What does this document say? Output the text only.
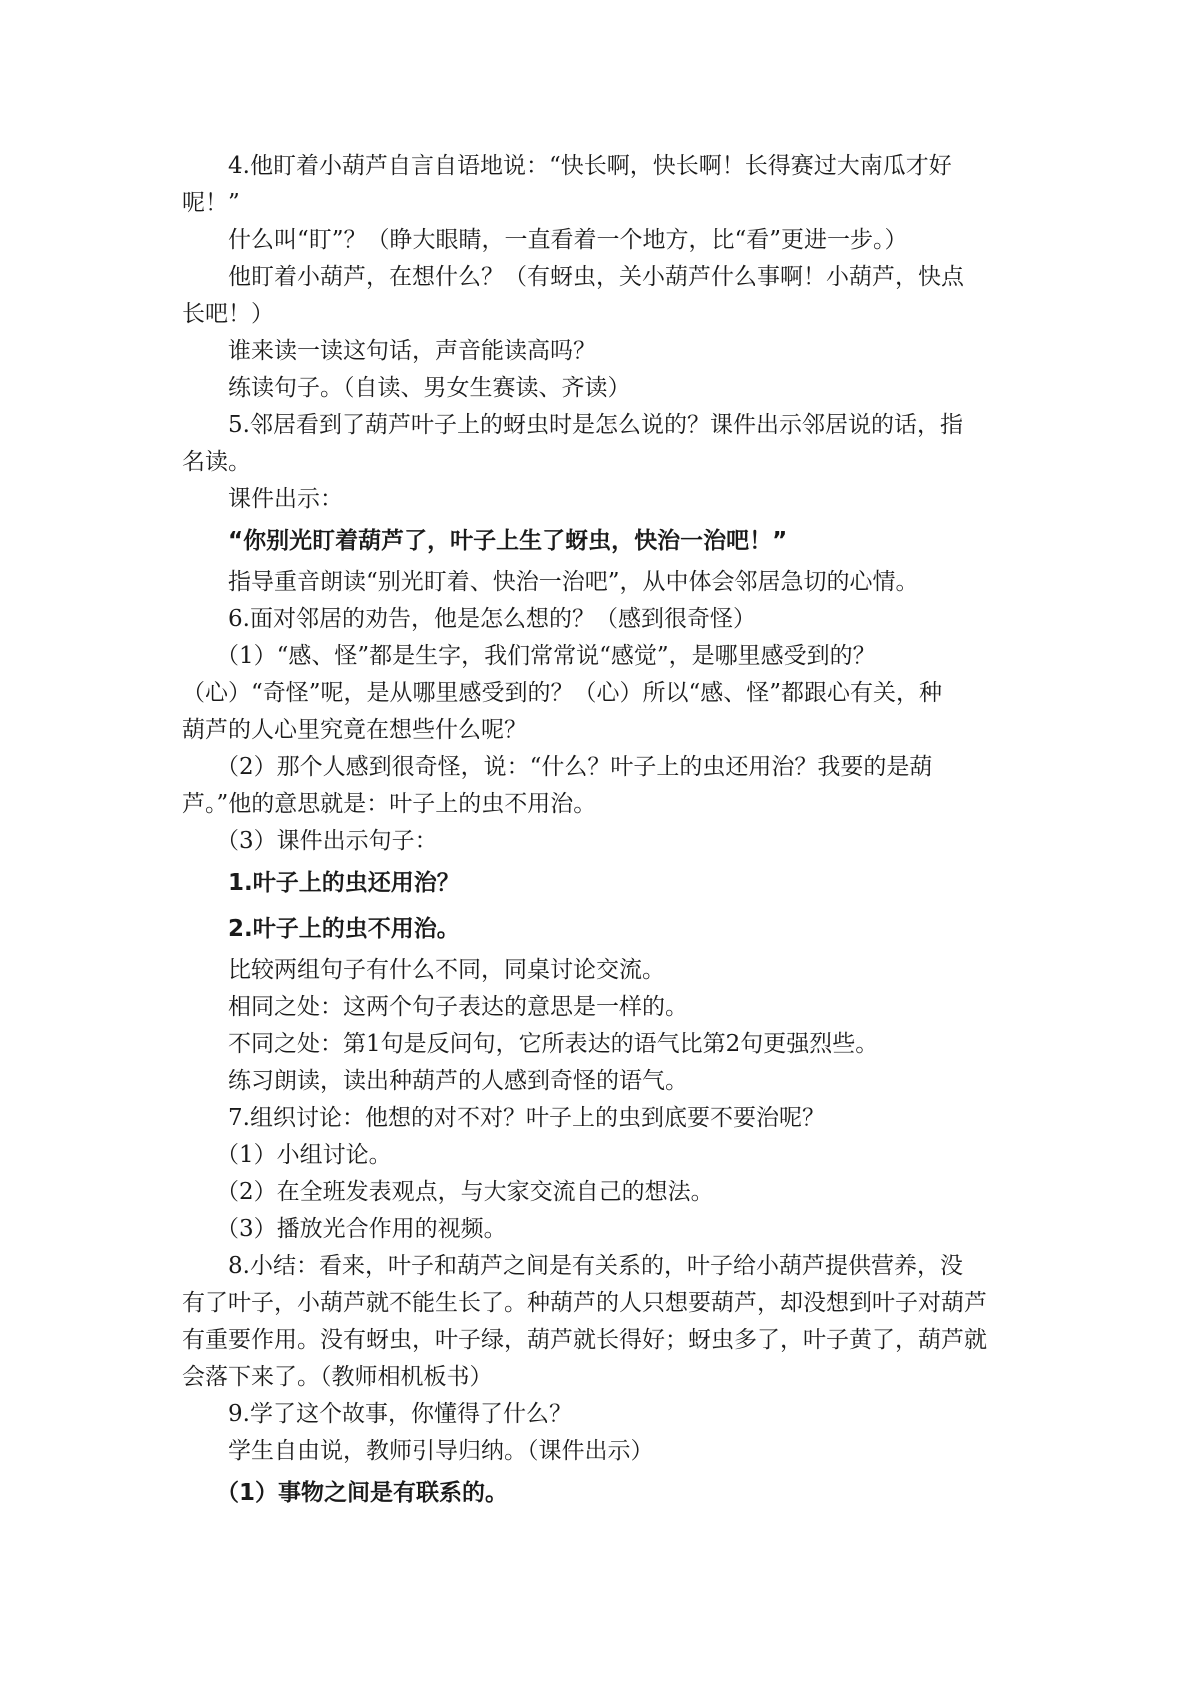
4.他盯着小葫芦自言自语地说：“快长啊，快长啊！长得赛过大南瓜才好
呢！”
什么叫“盯”？（睁大眼睛，一直看着一个地方，比“看”更进一步。）
他盯着小葫芦，在想什么？（有蚜虫，关小葫芦什么事啊！小葫芦，快点
长吧！）
谁来读一读这句话，声音能读高吗？
练读句子。（自读、男女生赛读、齐读）
5.邻居看到了葫芦叶子上的蚜虫时是怎么说的？课件出示邻居说的话，指
名读。
课件出示：
“你别光盯着葫芦了，叶子上生了蚜虫，快治一治吧！”
指导重音朗读“别光盯着、快治一治吧”，从中体会邻居急切的心情。
6.面对邻居的劝告，他是怎么想的？（感到很奇怪）
（1）“感、怪”都是生字，我们常常说“感觉”，是哪里感受到的？
（心）“奇怪”呢，是从哪里感受到的？（心）所以“感、怪”都跟心有关，种
葫芦的人心里究竟在想些什么呢？
（2）那个人感到很奇怪，说：“什么？叶子上的虫还用治？我要的是葫
芦。”他的意思就是：叶子上的虫不用治。
（3）课件出示句子：
1.叶子上的虫还用治？
2.叶子上的虫不用治。
比较两组句子有什么不同，同桌讨论交流。
相同之处：这两个句子表达的意思是一样的。
不同之处：第1句是反问句，它所表达的语气比第2句更强烈些。
练习朗读，读出种葫芦的人感到奇怪的语气。
7.组织讨论：他想的对不对？叶子上的虫到底要不要治呢？
（1）小组讨论。
（2）在全班发表观点，与大家交流自己的想法。
（3）播放光合作用的视频。
8.小结：看来，叶子和葫芦之间是有关系的，叶子给小葫芦提供营养，没
有了叶子，小葫芦就不能生长了。种葫芦的人只想要葫芦，却没想到叶子对葫芦
有重要作用。没有蚜虫，叶子绿，葫芦就长得好；蚜虫多了，叶子黄了，葫芦就
会落下来了。（教师相机板书）
9.学了这个故事，你懂得了什么？
学生自由说，教师引导归纳。（课件出示）
（1）事物之间是有联系的。
